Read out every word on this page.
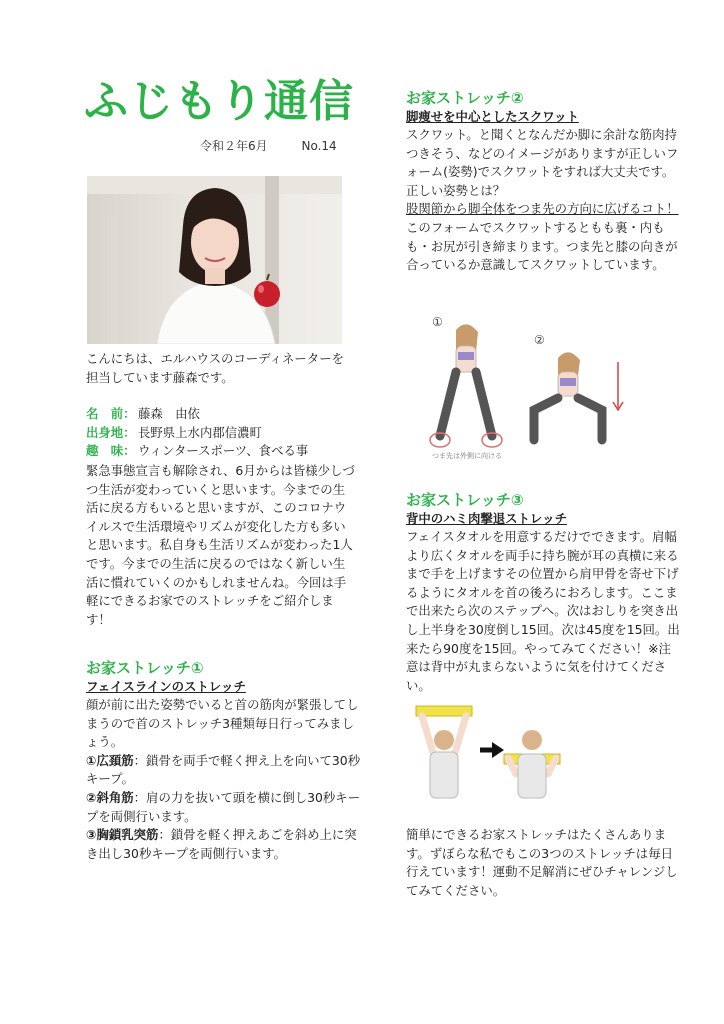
ふじもり通信
令和２年6月	No.14
こんにちは、エルハウスのコーディネーターを担当しています藤森です。
名　前： 藤森　由依
出身地： 長野県上水内郡信濃町
趣　味： ウィンタースポーツ、食べる事
緊急事態宣言も解除され、6月からは皆様少しづつ生活が変わっていくと思います。今までの生活に戻る方もいると思いますが、このコロナウイルスで生活環境やリズムが変化した方も多いと思います。私自身も生活リズムが変わった1人です。今までの生活に戻るのではなく新しい生活に慣れていくのかもしれませんね。今回は手軽にできるお家でのストレッチをご紹介します！
お家ストレッチ①
フェイスラインのストレッチ
顔が前に出た姿勢でいると首の筋肉が緊張してしまうので首のストレッチ3種類毎日行ってみましょう。
①広頚筋：鎖骨を両手で軽く押え上を向いて30秒キープ。
②斜角筋：肩の力を抜いて頭を横に倒し30秒キープを両側行います。
③胸鎖乳突筋：鎖骨を軽く押えあごを斜め上に突き出し30秒キープを両側行います。
お家ストレッチ②
脚痩せを中心としたスクワット
スクワット。と聞くとなんだか脚に余計な筋肉持つきそう、などのイメージがありますが正しいフォーム(姿勢)でスクワットをすれば大丈夫です。正しい姿勢とは？
股関節から脚全体をつま先の方向に広げるコト！このフォームでスクワットするともも裏・内もも・お尻が引き締まります。つま先と膝の向きが合っているか意識してスクワットしています。
①
つま先は外側に向ける
②
お家ストレッチ③
背中のハミ肉撃退ストレッチ
フェイスタオルを用意するだけでできます。肩幅より広くタオルを両手に持ち腕が耳の真横に来るまで手を上げますその位置から肩甲骨を寄せ下げるようにタオルを首の後ろにおろします。ここまで出来たら次のステップへ。次はおしりを突き出し上半身を30度倒し15回。次は45度を15回。出来たら90度を15回。やってみてください！※注意は背中が丸まらないように気を付けてください。
簡単にできるお家ストレッチはたくさんあります。ずぼらな私でもこの3つのストレッチは毎日行えています！運動不足解消にぜひチャレンジしてみてください。
